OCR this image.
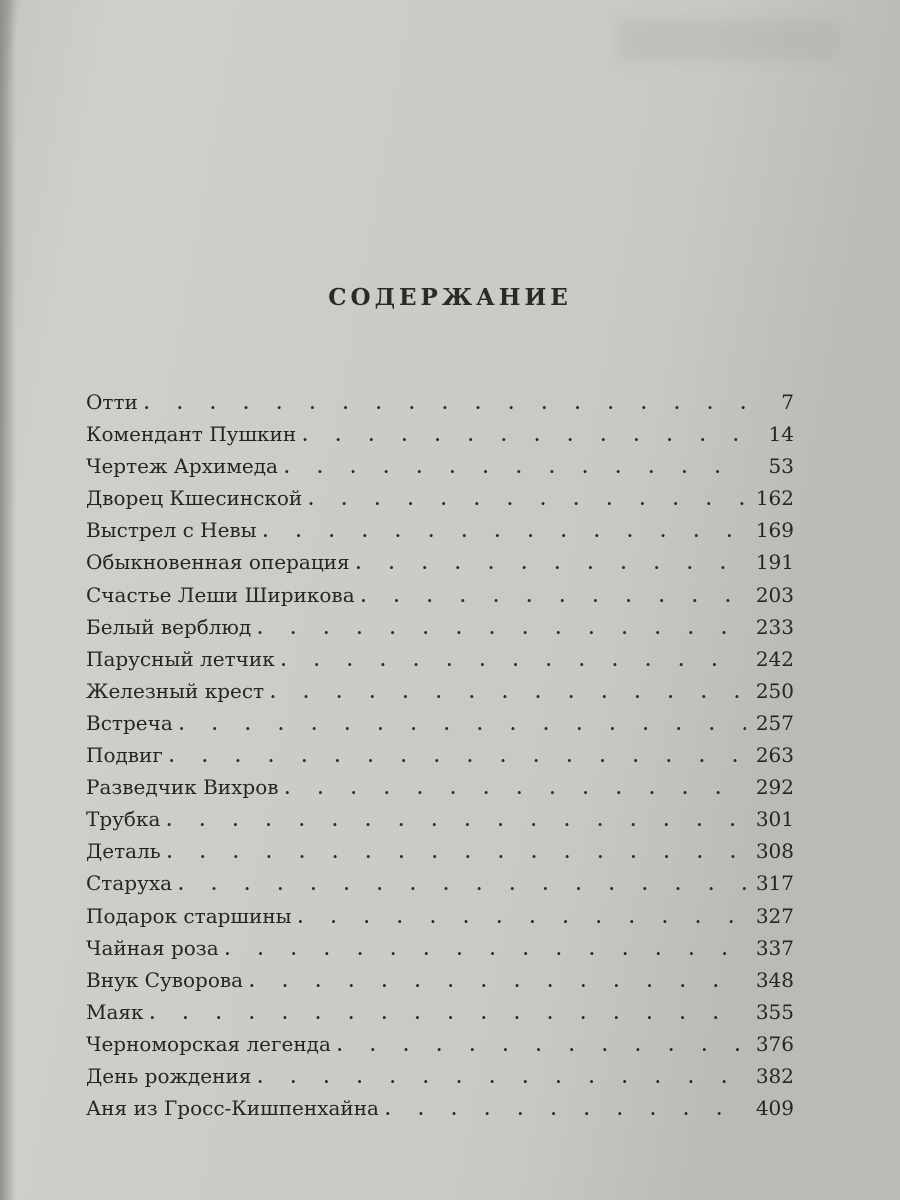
СОДЕРЖАНИЕ
Отти . . .	7
Комендант Пушкин . . .	14
Чертеж Архимеда . . .	53
Дворец Кшесинской . . .	162
Выстрел с Невы . . .	169
Обыкновенная операция . . .	191
Счастье Леши Ширикова . . .	203
Белый верблюд . . .	233
Парусный летчик . . .	242
Железный крест . . .	250
Встреча . . .	257
Подвиг . . .	263
Разведчик Вихров . . .	292
Трубка . . .	301
Деталь . . .	308
Старуха . . .	317
Подарок старшины . . .	327
Чайная роза . . .	337
Внук Суворова . . .	348
Маяк . . .	355
Черноморская легенда . . .	376
День рождения . . .	382
Аня из Гросс-Кишпенхайна . . .	409
